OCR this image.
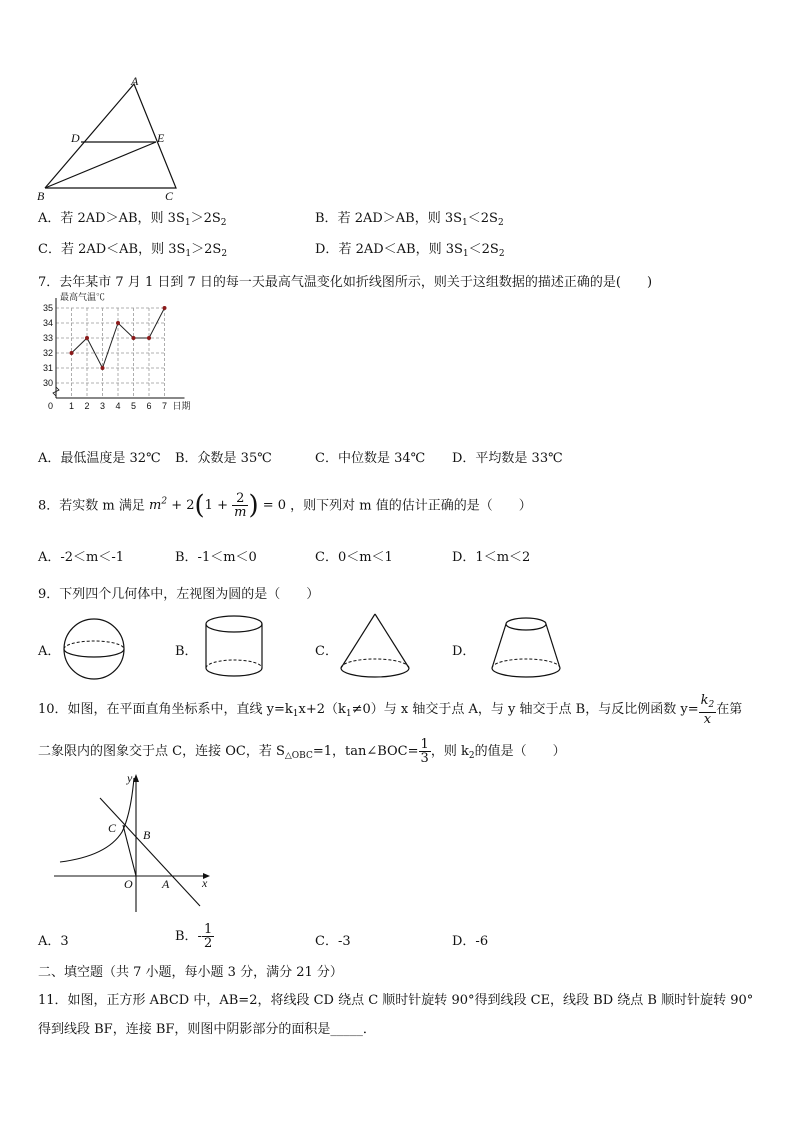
A
D	E
B	C
A．若 2AD＞AB，则 $3S_1>2S_2$	B．若 2AD＞AB，则 $3S_1<2S_2$
C．若 2AD＜AB，则 $3S_1>2S_2$	D．若 2AD＜AB，则 $3S_1<2S_2$
7．去年某市 7 月 1 日到 7 日的每一天最高气温变化如折线图所示，则关于这组数据的描述正确的是(　　)
30
31
32
33
34
35
1 2 3 4 5 6 7
0
最高气温℃
日期
A．最低温度是 32℃ B．众数是 35℃	C．中位数是 34℃ D．平均数是 33℃
8．若实数 m 满足 $m^2 + 2(1 + \frac{2}{m}$ ) = 0 ，则下列对 m 值的估计正确的是（　　）
A．-2＜m＜-1	B．-1＜m＜0	C．0＜m＜1	D．1＜m＜2
9．下列四个几何体中，左视图为圆的是（　　）
A．	B．	C．	D．
10．如图，在平面直角坐标系中，直线 $y=k_1x+2(k_1\ne 0)$与 x 轴交于点 A，与 y 轴交于点 B，与反比例函数 $y= \frac{k_2}{x}$ 在第
二象限内的图象交于点 C，连接 OC，若 $S_{\triangle OBC}=1$，tan∠BOC= $\frac{1}{3}$ ，则 $k_2$的值是（　　）
y
x
C B
O A
A．3	B．- $\frac{1}{2}$	C．-3	D．-6
二、填空题（共 7 小题，每小题 3 分，满分 21 分）
11．如图，正方形 ABCD 中，AB=2，将线段 CD 绕点 C 顺时针旋转 90°得到线段 CE，线段 BD 绕点 B 顺时针旋转 90°
得到线段 BF，连接 BF，则图中阴影部分的面积是_____．
